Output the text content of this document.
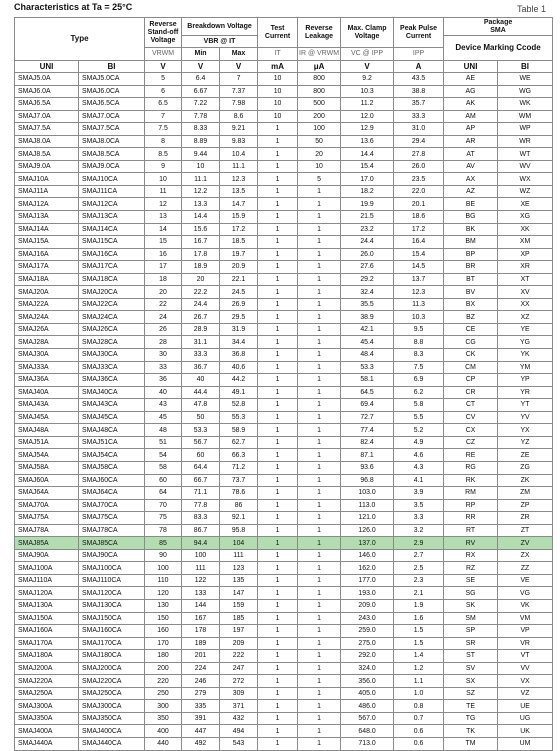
Characteristics at Ta = 25°C	Table 1
Type		Reverse Stand-off Voltage	Breakdown Voltage		Test Current	Reverse Leakage	Max. Clamp Voltage	Peak Pulse Current	Package
SMA	

			VBR @ IT						Device Marking Ccode	
		VRWM	Min	Max	IT	IR @ VRWM	VC @ IPP	IPP		
UNI	BI	V	V	V	mA	μA	V	A	UNI	BI
SMAJ5.0A	SMAJ5.0CA	5	6.4	7	10	800	9.2	43.5	AE	WE
SMAJ6.0A	SMAJ6.0CA	6	6.67	7.37	10	800	10.3	38.8	AG	WG
SMAJ6.5A	SMAJ6.5CA	6.5	7.22	7.98	10	500	11.2	35.7	AK	WK
SMAJ7.0A	SMAJ7.0CA	7	7.78	8.6	10	200	12.0	33.3	AM	WM
SMAJ7.5A	SMAJ7.5CA	7.5	8.33	9.21	1	100	12.9	31.0	AP	WP
SMAJ8.0A	SMAJ8.0CA	8	8.89	9.83	1	50	13.6	29.4	AR	WR
SMAJ8.5A	SMAJ8.5CA	8.5	9.44	10.4	1	20	14.4	27.8	AT	WT
SMAJ9.0A	SMAJ9.0CA	9	10	11.1	1	10	15.4	26.0	AV	WV
SMAJ10A	SMAJ10CA	10	11.1	12.3	1	5	17.0	23.5	AX	WX
SMAJ11A	SMAJ11CA	11	12.2	13.5	1	1	18.2	22.0	AZ	WZ
SMAJ12A	SMAJ12CA	12	13.3	14.7	1	1	19.9	20.1	BE	XE
SMAJ13A	SMAJ13CA	13	14.4	15.9	1	1	21.5	18.6	BG	XG
SMAJ14A	SMAJ14CA	14	15.6	17.2	1	1	23.2	17.2	BK	XK
SMAJ15A	SMAJ15CA	15	16.7	18.5	1	1	24.4	16.4	BM	XM
SMAJ16A	SMAJ16CA	16	17.8	19.7	1	1	26.0	15.4	BP	XP
SMAJ17A	SMAJ17CA	17	18.9	20.9	1	1	27.6	14.5	BR	XR
SMAJ18A	SMAJ18CA	18	20	22.1	1	1	29.2	13.7	BT	XT
SMAJ20A	SMAJ20CA	20	22.2	24.5	1	1	32.4	12.3	BV	XV
SMAJ22A	SMAJ22CA	22	24.4	26.9	1	1	35.5	11.3	BX	XX
SMAJ24A	SMAJ24CA	24	26.7	29.5	1	1	38.9	10.3	BZ	XZ
SMAJ26A	SMAJ26CA	26	28.9	31.9	1	1	42.1	9.5	CE	YE
SMAJ28A	SMAJ28CA	28	31.1	34.4	1	1	45.4	8.8	CG	YG
SMAJ30A	SMAJ30CA	30	33.3	36.8	1	1	48.4	8.3	CK	YK
SMAJ33A	SMAJ33CA	33	36.7	40.6	1	1	53.3	7.5	CM	YM
SMAJ36A	SMAJ36CA	36	40	44.2	1	1	58.1	6.9	CP	YP
SMAJ40A	SMAJ40CA	40	44.4	49.1	1	1	64.5	6.2	CR	YR
SMAJ43A	SMAJ43CA	43	47.8	52.8	1	1	69.4	5.8	CT	YT
SMAJ45A	SMAJ45CA	45	50	55.3	1	1	72.7	5.5	CV	YV
SMAJ48A	SMAJ48CA	48	53.3	58.9	1	1	77.4	5.2	CX	YX
SMAJ51A	SMAJ51CA	51	56.7	62.7	1	1	82.4	4.9	CZ	YZ
SMAJ54A	SMAJ54CA	54	60	66.3	1	1	87.1	4.6	RE	ZE
SMAJ58A	SMAJ58CA	58	64.4	71.2	1	1	93.6	4.3	RG	ZG
SMAJ60A	SMAJ60CA	60	66.7	73.7	1	1	96.8	4.1	RK	ZK
SMAJ64A	SMAJ64CA	64	71.1	78.6	1	1	103.0	3.9	RM	ZM
SMAJ70A	SMAJ70CA	70	77.8	86	1	1	113.0	3.5	RP	ZP
SMAJ75A	SMAJ75CA	75	83.3	92.1	1	1	121.0	3.3	RR	ZR
SMAJ78A	SMAJ78CA	78	86.7	95.8	1	1	126.0	3.2	RT	ZT
SMAJ85A	SMAJ85CA	85	94.4	104	1	1	137.0	2.9	RV	ZV
SMAJ90A	SMAJ90CA	90	100	111	1	1	146.0	2.7	RX	ZX
SMAJ100A	SMAJ100CA	100	111	123	1	1	162.0	2.5	RZ	ZZ
SMAJ110A	SMAJ110CA	110	122	135	1	1	177.0	2.3	SE	VE
SMAJ120A	SMAJ120CA	120	133	147	1	1	193.0	2.1	SG	VG
SMAJ130A	SMAJ130CA	130	144	159	1	1	209.0	1.9	SK	VK
SMAJ150A	SMAJ150CA	150	167	185	1	1	243.0	1.6	SM	VM
SMAJ160A	SMAJ160CA	160	178	197	1	1	259.0	1.5	SP	VP
SMAJ170A	SMAJ170CA	170	189	209	1	1	275.0	1.5	SR	VR
SMAJ180A	SMAJ180CA	180	201	222	1	1	292.0	1.4	ST	VT
SMAJ200A	SMAJ200CA	200	224	247	1	1	324.0	1.2	SV	VV
SMAJ220A	SMAJ220CA	220	246	272	1	1	356.0	1.1	SX	VX
SMAJ250A	SMAJ250CA	250	279	309	1	1	405.0	1.0	SZ	VZ
SMAJ300A	SMAJ300CA	300	335	371	1	1	486.0	0.8	TE	UE
SMAJ350A	SMAJ350CA	350	391	432	1	1	567.0	0.7	TG	UG
SMAJ400A	SMAJ400CA	400	447	494	1	1	648.0	0.6	TK	UK
SMAJ440A	SMAJ440CA	440	492	543	1	1	713.0	0.6	TM	UM
